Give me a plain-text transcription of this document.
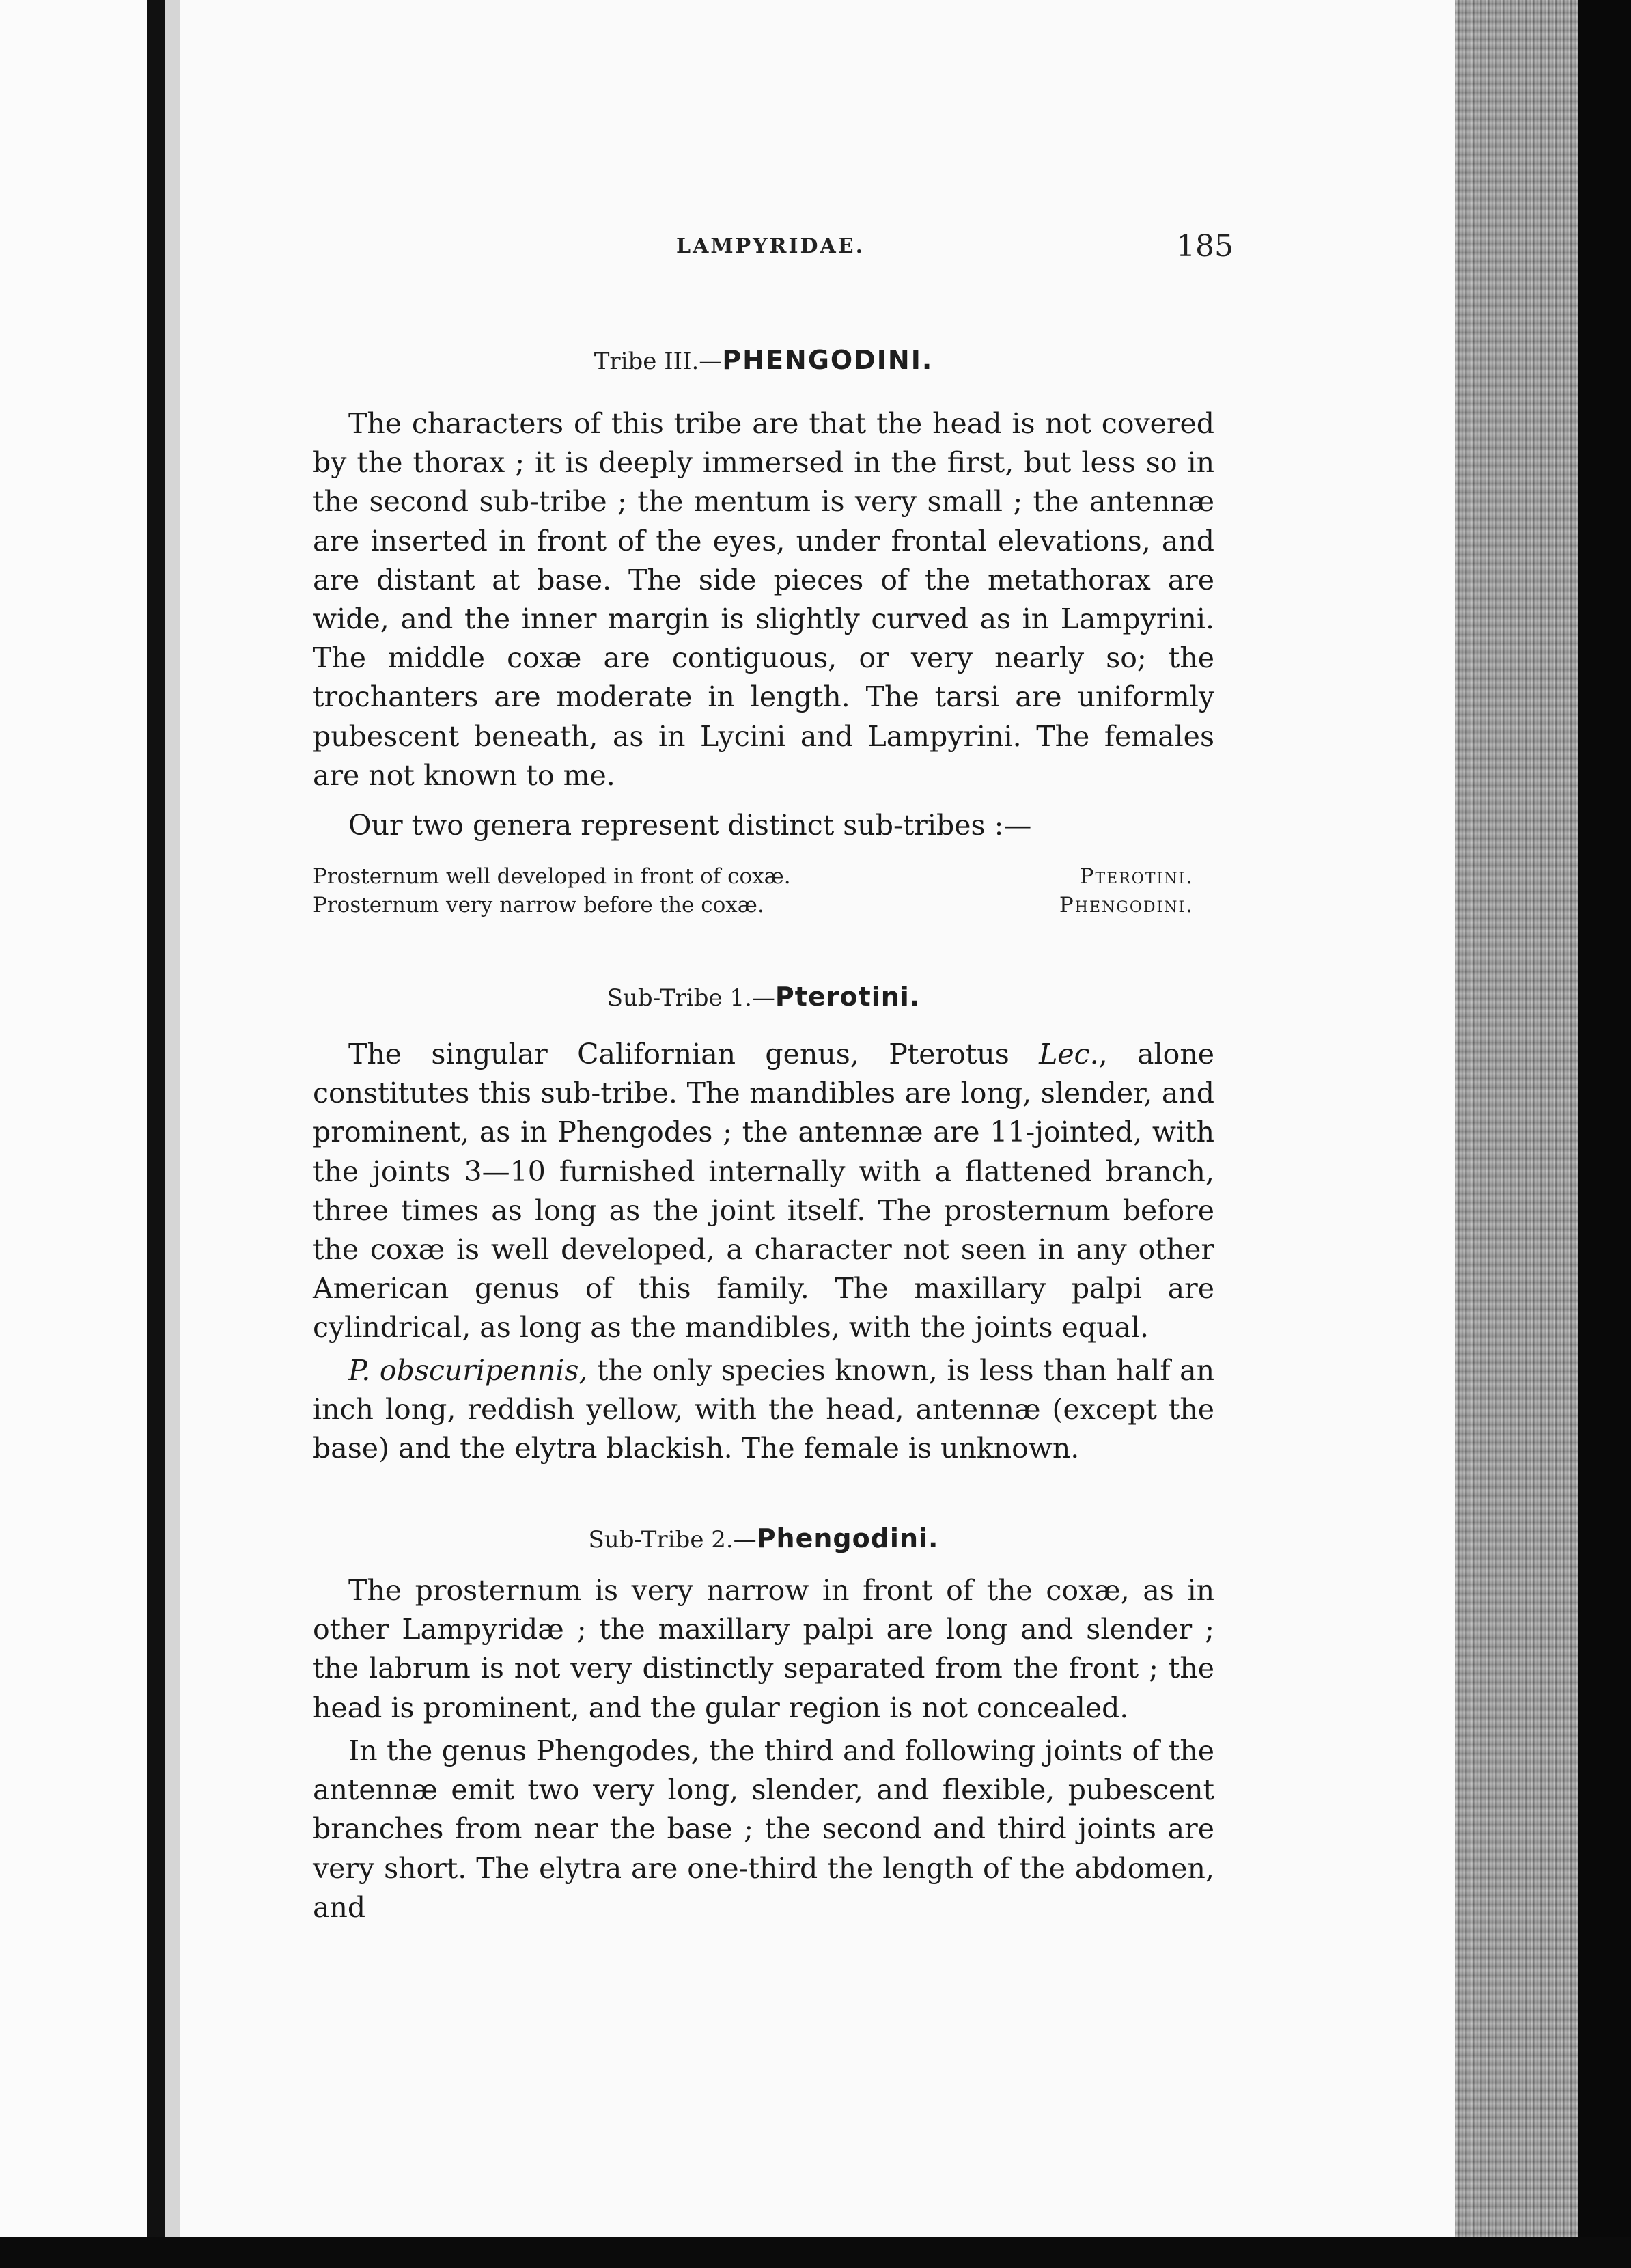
LAMPYRIDAE.	185
Tribe III.—PHENGODINI.

The characters of this tribe are that the head is not covered by the thorax ; it is deeply immersed in the first, but less so in the second sub-tribe ; the mentum is very small ; the antennæ are inserted in front of the eyes, under frontal elevations, and are distant at base. The side pieces of the metathorax are wide, and the inner margin is slightly curved as in Lampyrini. The middle coxæ are contiguous, or very nearly so; the trochanters are moderate in length. The tarsi are uniformly pubescent beneath, as in Lycini and Lampyrini. The females are not known to me.

Our two genera represent distinct sub-tribes :—

Prosternum well developed in front of coxæ.	Pterotini.
Prosternum very narrow before the coxæ.	Phengodini.
Sub-Tribe 1.—Pterotini.

The singular Californian genus, Pterotus Lec., alone constitutes this sub-tribe. The mandibles are long, slender, and prominent, as in Phengodes ; the antennæ are 11-jointed, with the joints 3—10 furnished internally with a flattened branch, three times as long as the joint itself. The prosternum before the coxæ is well developed, a character not seen in any other American genus of this family. The maxillary palpi are cylindrical, as long as the mandibles, with the joints equal.

P. obscuripennis, the only species known, is less than half an inch long, reddish yellow, with the head, antennæ (except the base) and the elytra blackish. The female is unknown.

Sub-Tribe 2.—Phengodini.

The prosternum is very narrow in front of the coxæ, as in other Lampyridæ ; the maxillary palpi are long and slender ; the labrum is not very distinctly separated from the front ; the head is prominent, and the gular region is not concealed.

In the genus Phengodes, the third and following joints of the antennæ emit two very long, slender, and flexible, pubescent branches from near the base ; the second and third joints are very short. The elytra are one-third the length of the abdomen, and
